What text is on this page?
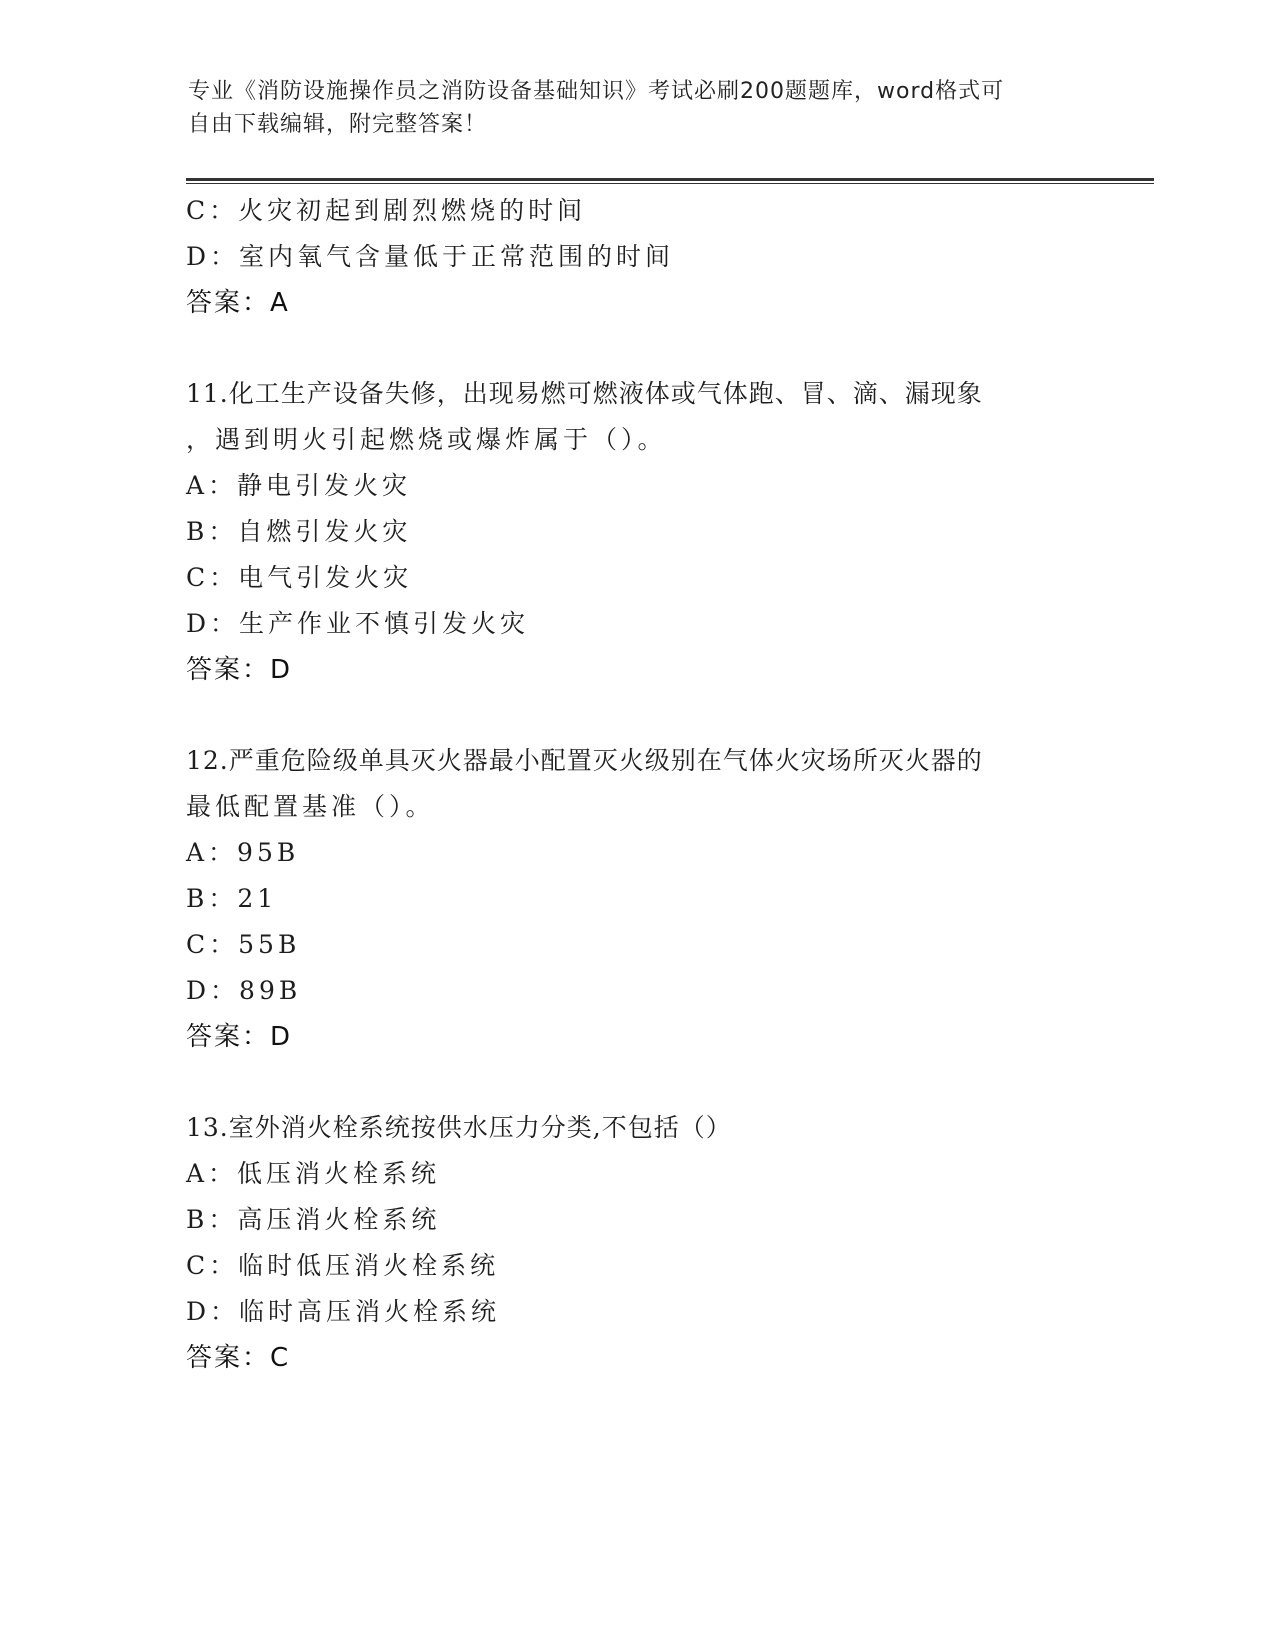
专业《消防设施操作员之消防设备基础知识》考试必刷200题题库，word格式可
自由下载编辑，附完整答案！
C：火灾初起到剧烈燃烧的时间
D：室内氧气含量低于正常范围的时间
答案：A
11.化工生产设备失修，出现易燃可燃液体或气体跑、冒、滴、漏现象
，遇到明火引起燃烧或爆炸属于（）。
A：静电引发火灾
B：自燃引发火灾
C：电气引发火灾
D：生产作业不慎引发火灾
答案：D
12.严重危险级单具灭火器最小配置灭火级别在气体火灾场所灭火器的
最低配置基准（）。
A：95B
B：21
C：55B
D：89B
答案：D
13.室外消火栓系统按供水压力分类,不包括（）
A：低压消火栓系统
B：高压消火栓系统
C：临时低压消火栓系统
D：临时高压消火栓系统
答案：C
